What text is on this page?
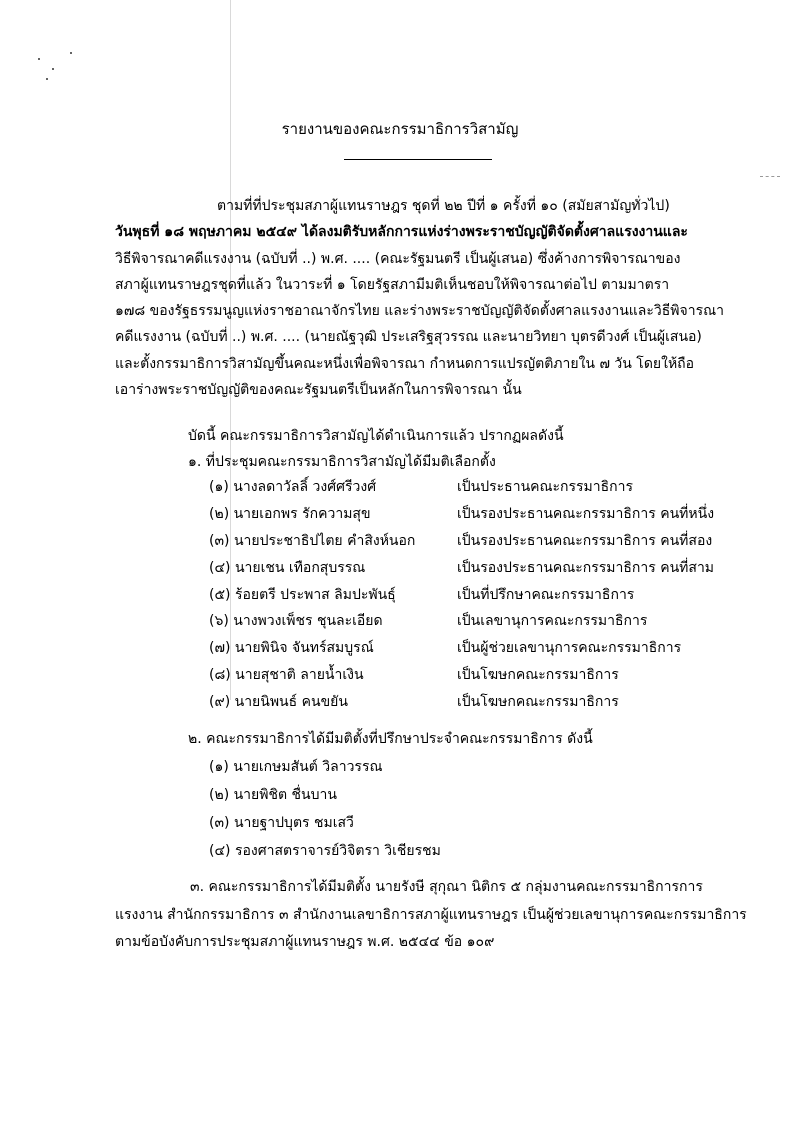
รายงานของคณะกรรมาธิการวิสามัญ
ตามที่ที่ประชุมสภาผู้แทนราษฎร ชุดที่ ๒๒ ปีที่ ๑ ครั้งที่ ๑๐ (สมัยสามัญทั่วไป)
วันพุธที่ ๑๘ พฤษภาคม ๒๕๔๙ ได้ลงมติรับหลักการแห่งร่างพระราชบัญญัติจัดตั้งศาลแรงงานและ
วิธีพิจารณาคดีแรงงาน (ฉบับที่ ..) พ.ศ. .... (คณะรัฐมนตรี เป็นผู้เสนอ) ซึ่งค้างการพิจารณาของ
สภาผู้แทนราษฎรชุดที่แล้ว ในวาระที่ ๑ โดยรัฐสภามีมติเห็นชอบให้พิจารณาต่อไป ตามมาตรา
๑๗๘ ของรัฐธรรมนูญแห่งราชอาณาจักรไทย และร่างพระราชบัญญัติจัดตั้งศาลแรงงานและวิธีพิจารณา
คดีแรงงาน (ฉบับที่ ..) พ.ศ. .... (นายณัฐวุฒิ ประเสริฐสุวรรณ และนายวิทยา บุตรดีวงศ์ เป็นผู้เสนอ)
และตั้งกรรมาธิการวิสามัญขึ้นคณะหนึ่งเพื่อพิจารณา กำหนดการแปรญัตติภายใน ๗ วัน โดยให้ถือ
เอาร่างพระราชบัญญัติของคณะรัฐมนตรีเป็นหลักในการพิจารณา นั้น
บัดนี้ คณะกรรมาธิการวิสามัญได้ดำเนินการแล้ว ปรากฏผลดังนี้
๑. ที่ประชุมคณะกรรมาธิการวิสามัญได้มีมติเลือกตั้ง
(๑) นางลดาวัลลิ์ วงศ์ศรีวงศ์	เป็นประธานคณะกรรมาธิการ
(๒) นายเอกพร รักความสุข	เป็นรองประธานคณะกรรมาธิการ คนที่หนึ่ง
(๓) นายประชาธิปไตย คำสิงห์นอก	เป็นรองประธานคณะกรรมาธิการ คนที่สอง
(๔) นายเชน เทือกสุบรรณ	เป็นรองประธานคณะกรรมาธิการ คนที่สาม
(๕) ร้อยตรี ประพาส ลิมปะพันธุ์	เป็นที่ปรึกษาคณะกรรมาธิการ
(๖) นางพวงเพ็ชร ชุนละเอียด	เป็นเลขานุการคณะกรรมาธิการ
(๗) นายพินิจ จันทร์สมบูรณ์	เป็นผู้ช่วยเลขานุการคณะกรรมาธิการ
(๘) นายสุชาติ ลายน้ำเงิน	เป็นโฆษกคณะกรรมาธิการ
(๙) นายนิพนธ์ คนขยัน	เป็นโฆษกคณะกรรมาธิการ
๒. คณะกรรมาธิการได้มีมติตั้งที่ปรึกษาประจำคณะกรรมาธิการ ดังนี้
(๑) นายเกษมสันต์ วิลาวรรณ
(๒) นายพิชิต ชื่นบาน
(๓) นายฐาปบุตร ชมเสวี
(๔) รองศาสตราจารย์วิจิตรา วิเชียรชม
๓. คณะกรรมาธิการได้มีมติตั้ง นายรังษี สุกุณา นิติกร ๕ กลุ่มงานคณะกรรมาธิการการ
แรงงาน สำนักกรรมาธิการ ๓ สำนักงานเลขาธิการสภาผู้แทนราษฎร เป็นผู้ช่วยเลขานุการคณะกรรมาธิการ
ตามข้อบังคับการประชุมสภาผู้แทนราษฎร พ.ศ. ๒๕๔๔ ข้อ ๑๐๙
